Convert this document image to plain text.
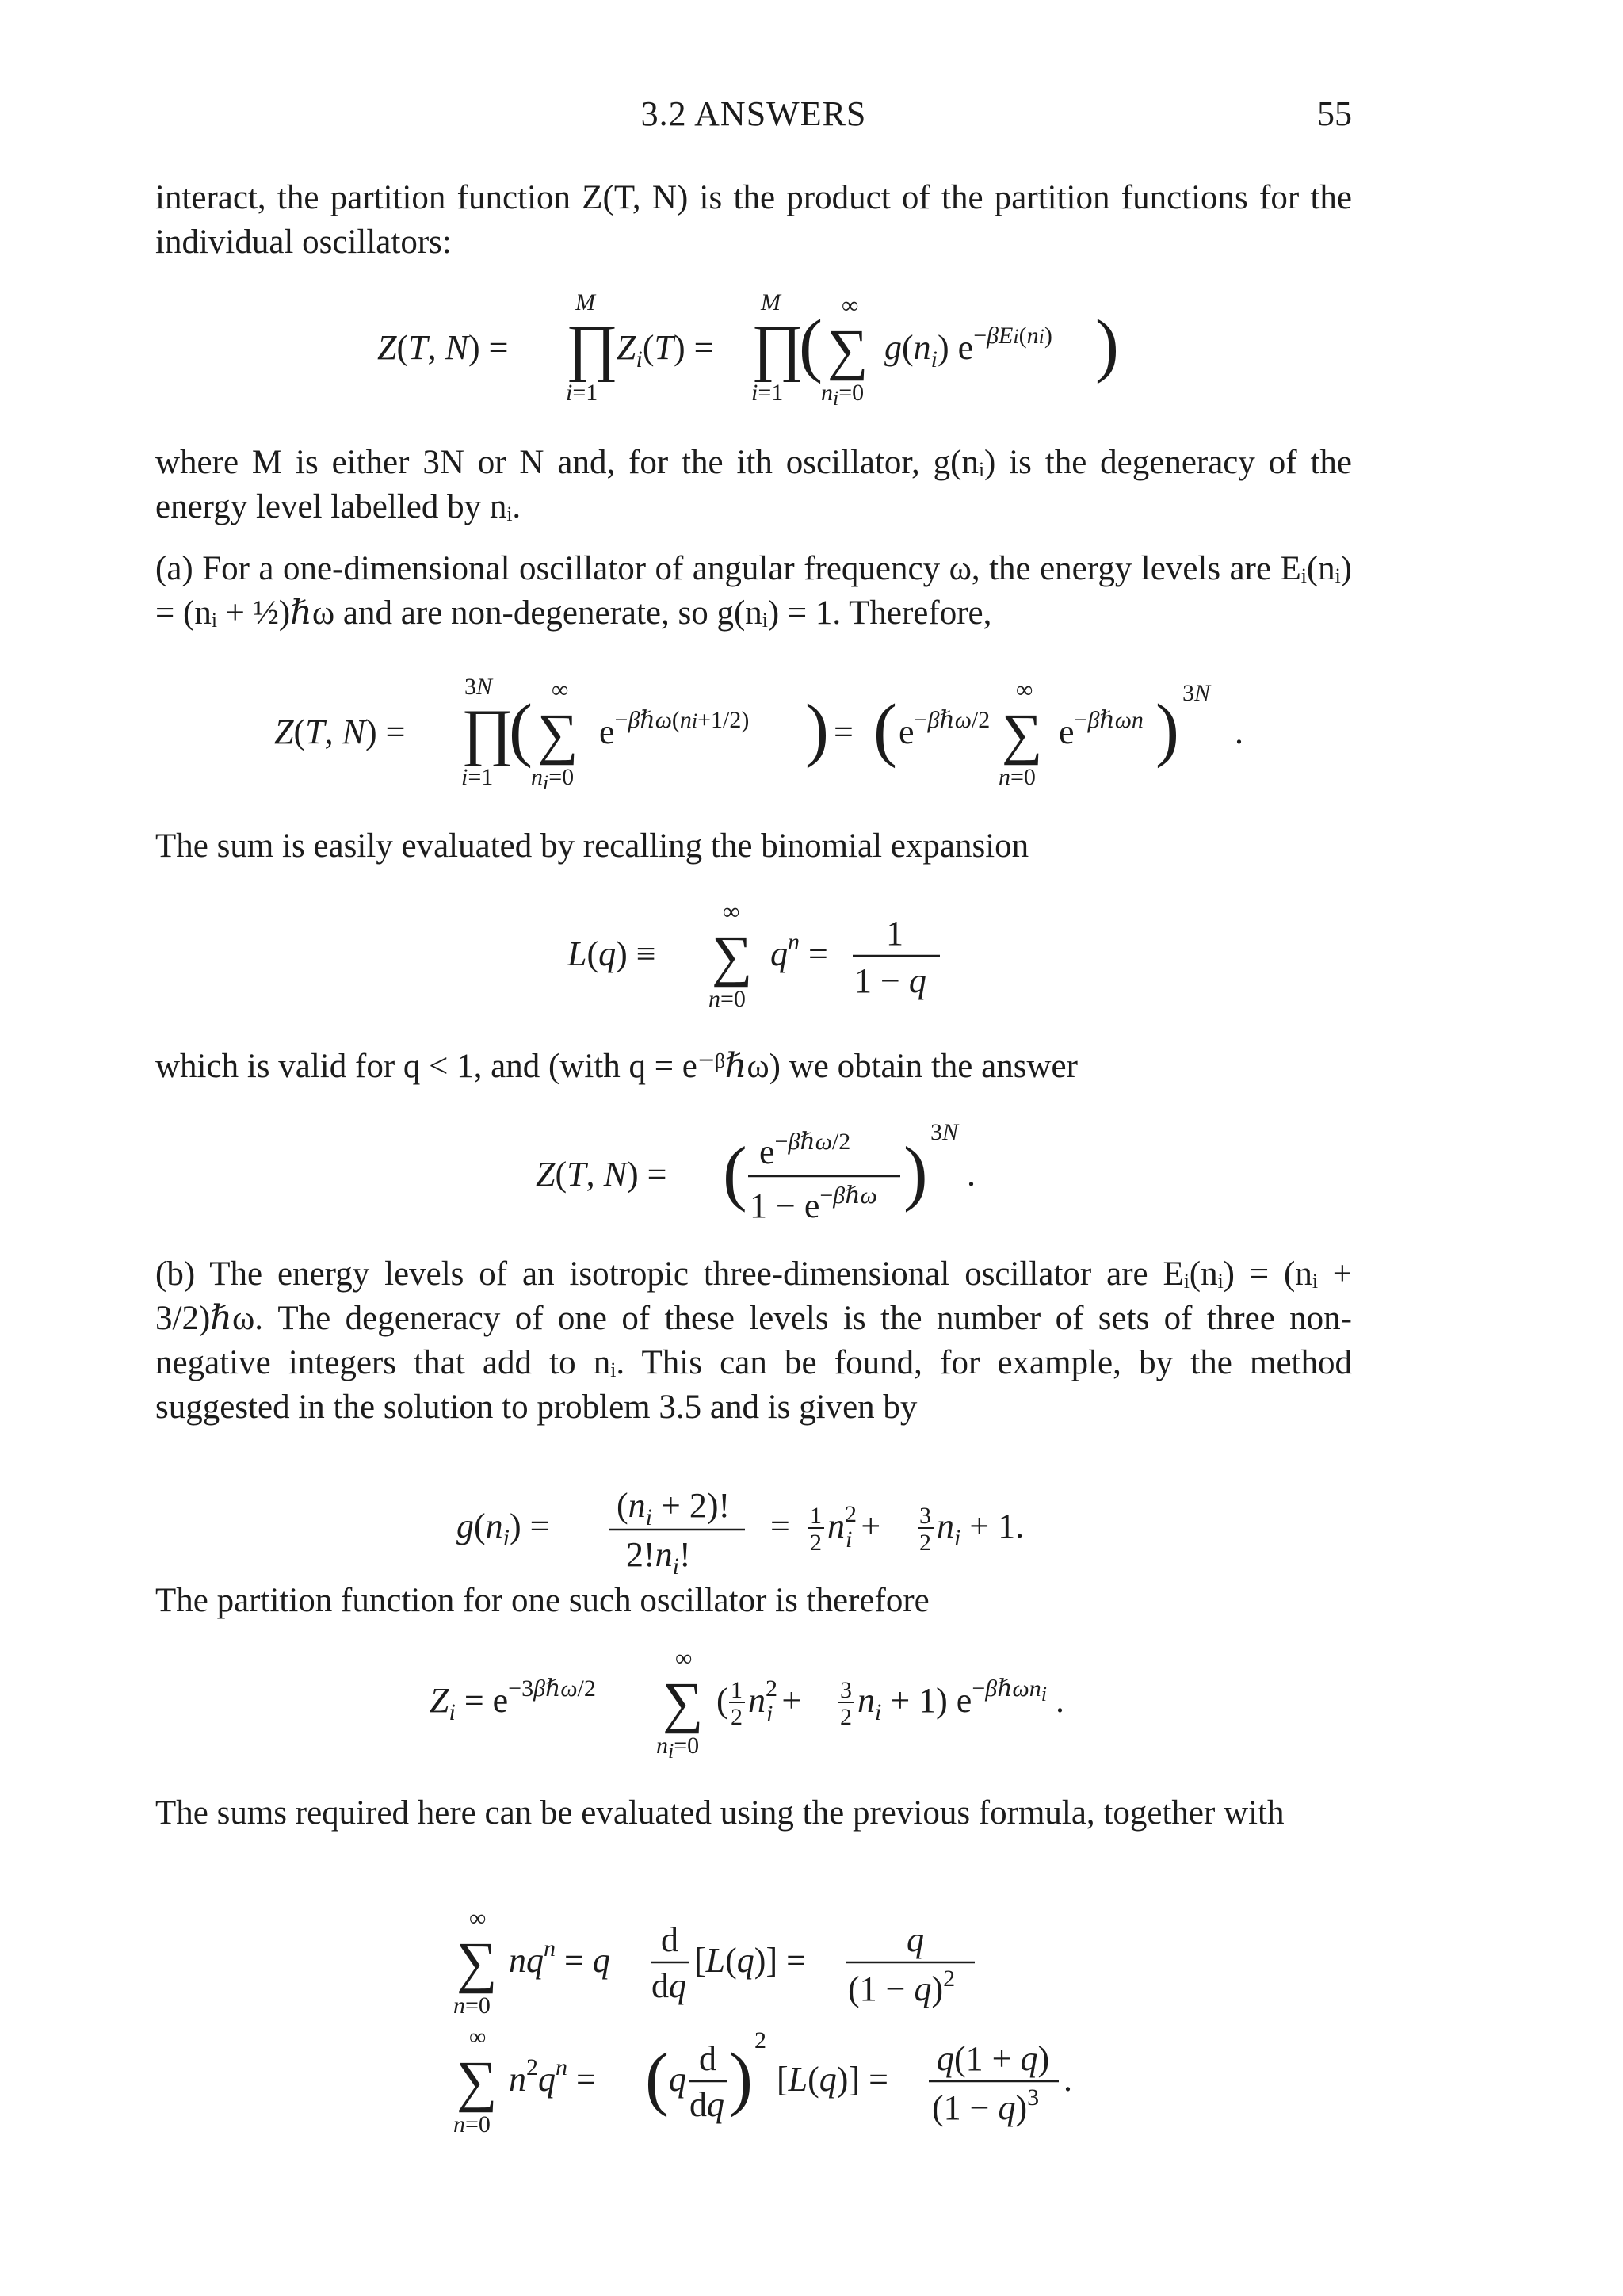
3.2 ANSWERS	55

interact, the partition function Z(T, N) is the product of the partition functions for the individual oscillators:

Z(T, N) = ∏
M
i=1
$Z_i(T)$ = ∏
M
i=1
( ∑
∞
ni=0
$g(n_i)$ e−βEi(ni) )

where M is either 3N or N and, for the ith oscillator, g(nᵢ) is the degeneracy of the energy level labelled by nᵢ.

(a) For a one-dimensional oscillator of angular frequency ω, the energy levels are Eᵢ(nᵢ) = (nᵢ + ½)ℏω and are non-degenerate, so g(nᵢ) = 1. Therefore,

Z(T, N) = ∏
3N
i=1
( ∑
∞
ni=0
e−βℏω(ni+1/2) ) = ( e−βℏω/2 ∑
∞
n=0
e−βℏωn ) 3N
.

The sum is easily evaluated by recalling the binomial expansion

L(q) ≡ ∑
∞
n=0
$q^n$ =
1
1 − q

which is valid for q < 1, and (with q = e⁻ᵝℏω) we obtain the answer

Z(T, N) = ( e−βℏω/2
1 − e−βℏω ) 3N
.

(b) The energy levels of an isotropic three-dimensional oscillator are Eᵢ(nᵢ) = (nᵢ + 3/2)ℏω. The degeneracy of one of these levels is the number of sets of three non-negative integers that add to nᵢ. This can be found, for example, by the method suggested in the solution to problem 3.5 and is given by

$g(n_i)$ =
$(n_i + 2)$!
$2!n_i$!
= 1
2 $n^2$ i + 3
2 $n_i + 1$.

The partition function for one such oscillator is therefore

$Z_i$ = $e^{-3}\beta\hbar\omega/2$ ∑
∞
ni=0
( 1
2 $n^2$ i + 3
2 $n_i + 1$) e−βℏωni .

The sums required here can be evaluated using the previous formula, together with

∑
∞
n=0
$nq^n = q$
d
dq
[L(q)] =
q
$(1 - q)^2$
∑
∞
n=0
$n^2q^n$ = ( q
d
dq ) 2
[L(q)] =
q(1 + q)
$(1 - q)^3$ .
